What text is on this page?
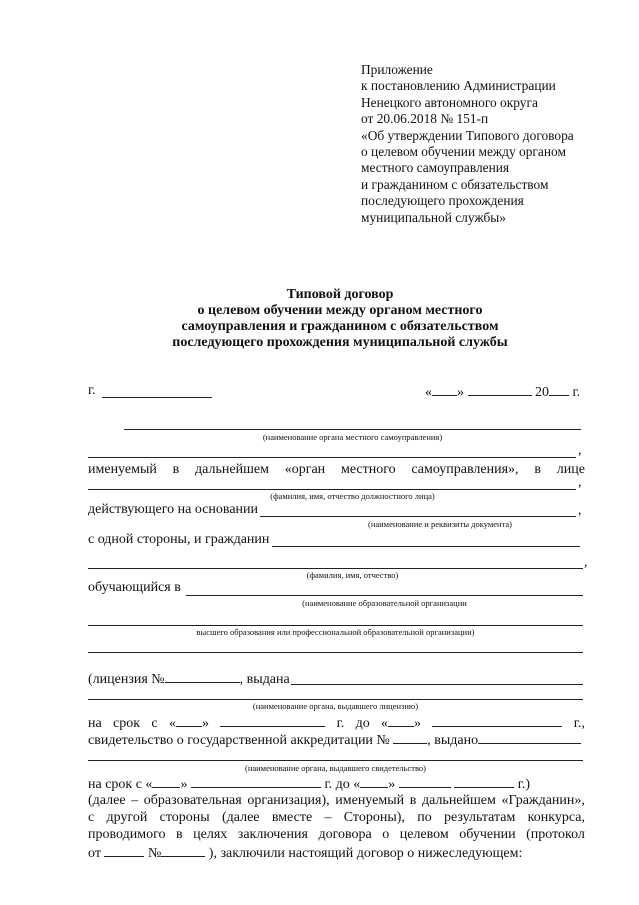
Приложение
к постановлению Администрации
Ненецкого автономного округа
от 20.06.2018 № 151-п
«Об утверждении Типового договора
о целевом обучении между органом
местного самоуправления
и гражданином с обязательством
последующего прохождения
муниципальной службы»
Типовой договор
о целевом обучении между органом местного
самоуправления и гражданином с обязательством
последующего прохождения муниципальной службы
г.	« »	20 г.
(наименование органа местного самоуправления)
,
именуемый в дальнейшем «орган местного самоуправления», в лице
,
(фамилия, имя, отчество должностного лица)
действующего на основании	,
(наименование и реквизиты документа)
с одной стороны, и гражданин
,
(фамилия, имя, отчество)
обучающийся в
(наименование образовательной организации
высшего образования или профессиональной образовательной организации)
(лицензия №	, выдана
(наименование органа, выдавшего лицензию)
на срок с « »	г. до « »	г.,
свидетельство о государственной аккредитации №	, выдано
(наименование органа, выдавшего свидетельство)
на срок с « »	г. до « »	г.)
(далее – образовательная организация), именуемый в дальнейшем «Гражданин»,
с другой стороны (далее вместе – Стороны), по результатам конкурса,
проводимого в целях заключения договора о целевом обучении (протокол
от	№	), заключили настоящий договор о нижеследующем:
